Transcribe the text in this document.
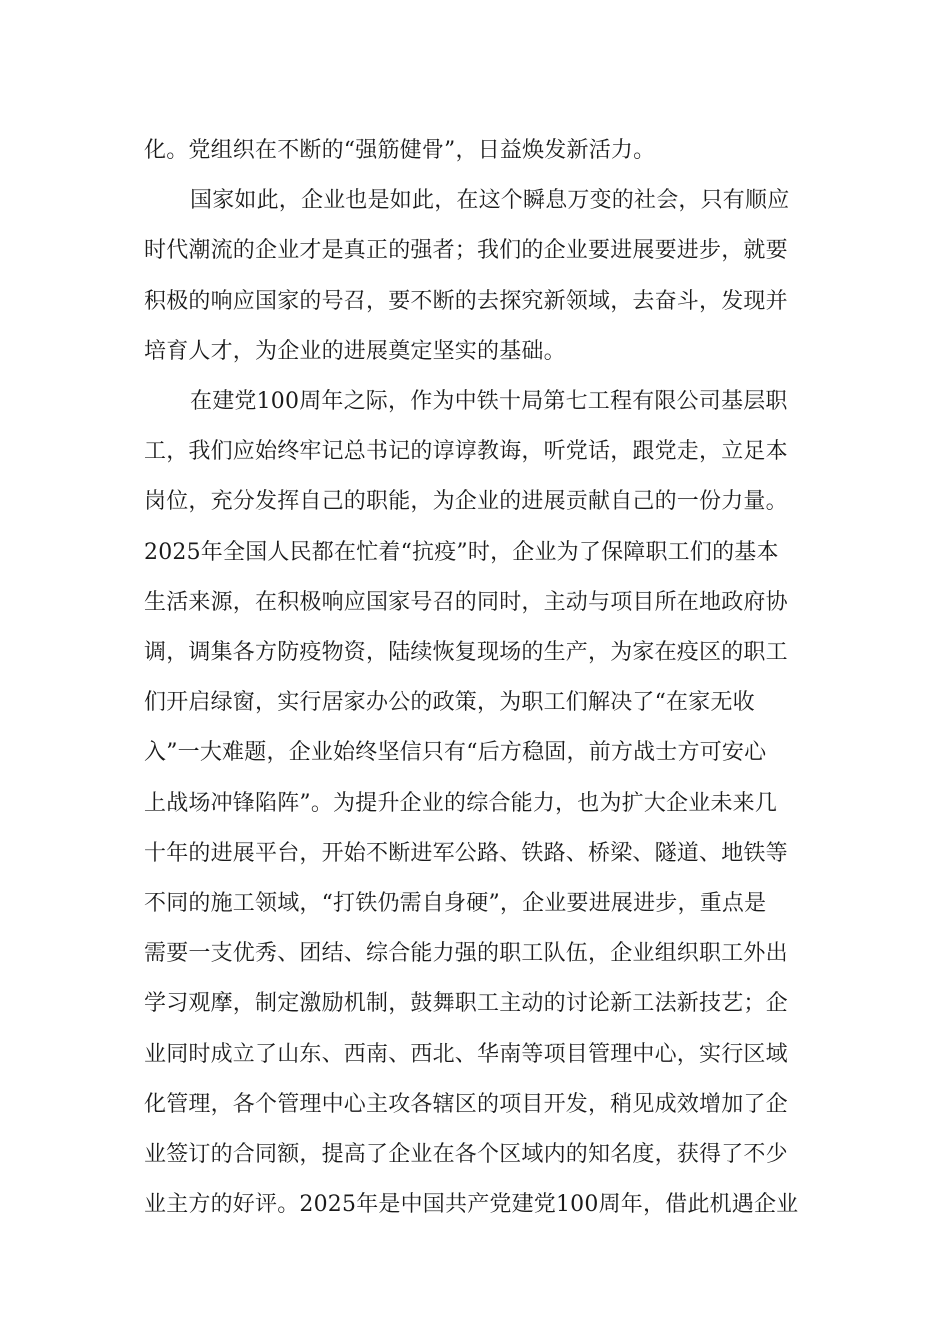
化。党组织在不断的“强筋健骨”，日益焕发新活力。
国家如此，企业也是如此，在这个瞬息万变的社会，只有顺应
时代潮流的企业才是真正的强者；我们的企业要进展要进步，就要
积极的响应国家的号召，要不断的去探究新领域，去奋斗，发现并
培育人才，为企业的进展奠定坚实的基础。
在建党100周年之际，作为中铁十局第七工程有限公司基层职
工，我们应始终牢记总书记的谆谆教诲，听党话，跟党走，立足本
岗位，充分发挥自己的职能，为企业的进展贡献自己的一份力量。
2025年全国人民都在忙着“抗疫”时，企业为了保障职工们的基本
生活来源，在积极响应国家号召的同时，主动与项目所在地政府协
调，调集各方防疫物资，陆续恢复现场的生产，为家在疫区的职工
们开启绿窗，实行居家办公的政策，为职工们解决了“在家无收
入”一大难题，企业始终坚信只有“后方稳固，前方战士方可安心
上战场冲锋陷阵”。为提升企业的综合能力，也为扩大企业未来几
十年的进展平台，开始不断进军公路、铁路、桥梁、隧道、地铁等
不同的施工领域，“打铁仍需自身硬”，企业要进展进步，重点是
需要一支优秀、团结、综合能力强的职工队伍，企业组织职工外出
学习观摩，制定激励机制，鼓舞职工主动的讨论新工法新技艺；企
业同时成立了山东、西南、西北、华南等项目管理中心，实行区域
化管理，各个管理中心主攻各辖区的项目开发，稍见成效增加了企
业签订的合同额，提高了企业在各个区域内的知名度，获得了不少
业主方的好评。2025年是中国共产党建党100周年，借此机遇企业
